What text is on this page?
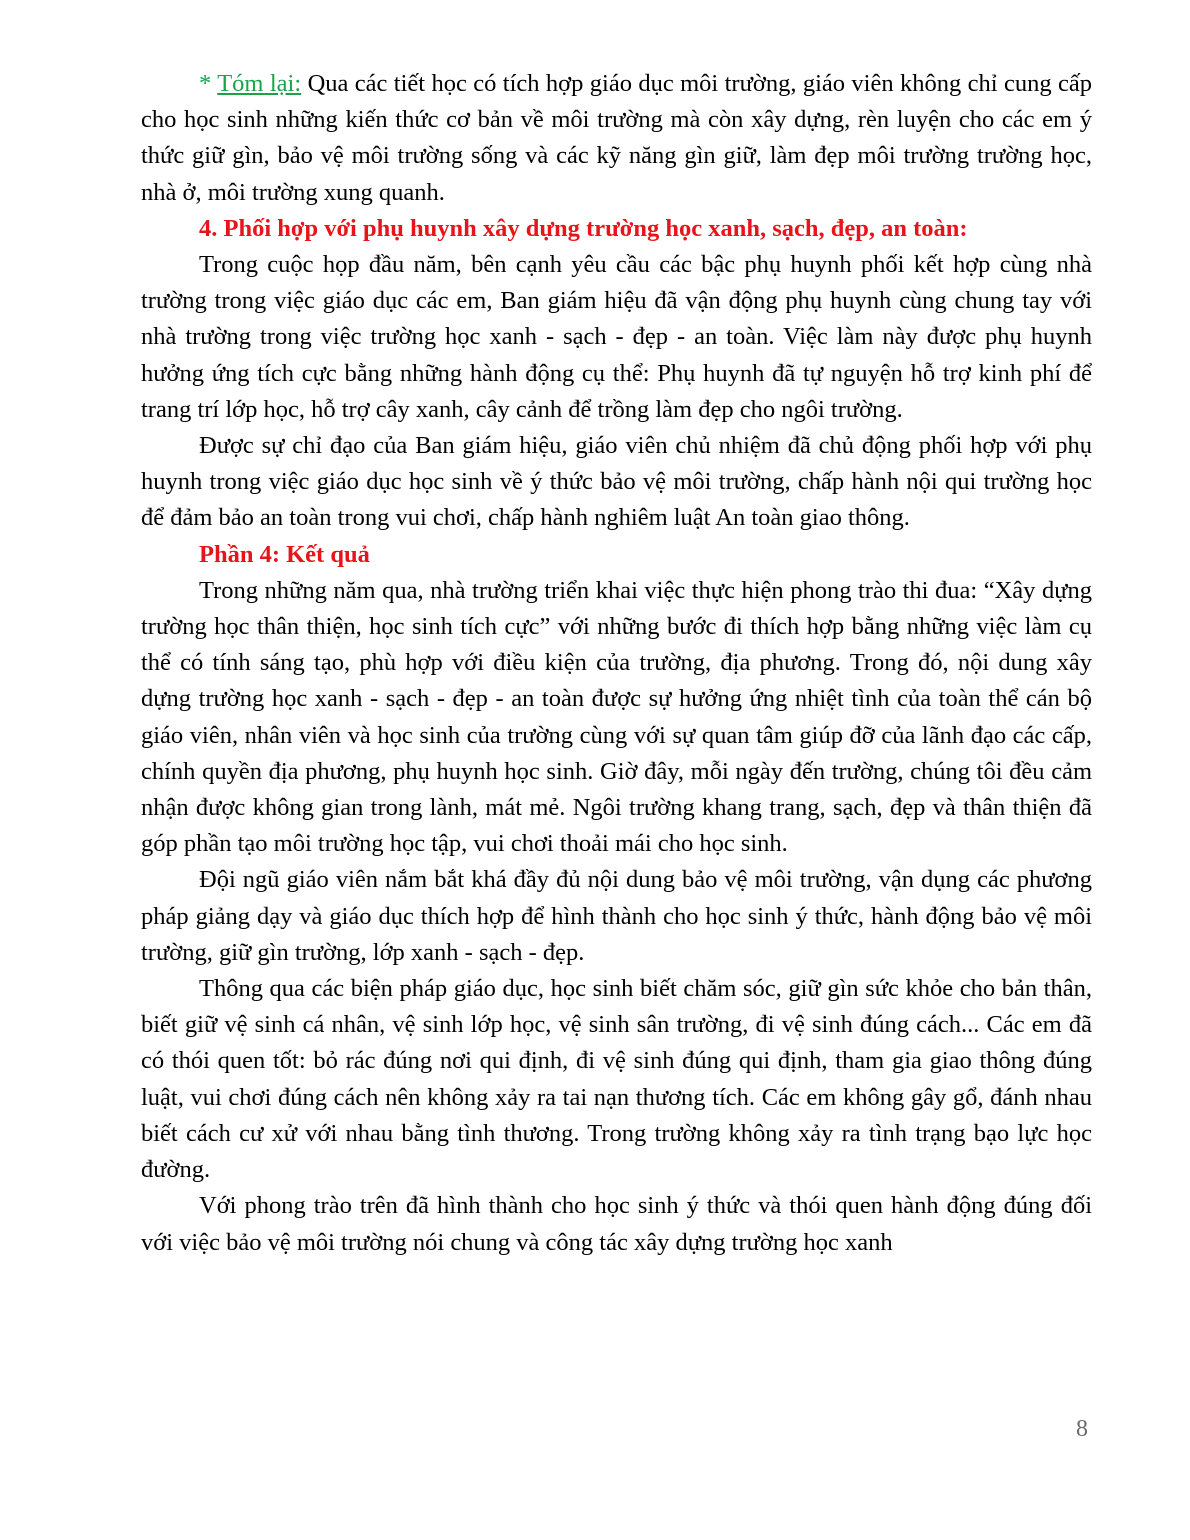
* Tóm lại: Qua các tiết học có tích hợp giáo dục môi trường, giáo viên không chỉ cung cấp cho học sinh những kiến thức cơ bản về môi trường mà còn xây dựng, rèn luyện cho các em ý thức giữ gìn, bảo vệ môi trường sống và các kỹ năng gìn giữ, làm đẹp môi trường trường học, nhà ở, môi trường xung quanh.

4. Phối hợp với phụ huynh xây dựng trường học xanh, sạch, đẹp, an toàn:

Trong cuộc họp đầu năm, bên cạnh yêu cầu các bậc phụ huynh phối kết hợp cùng nhà trường trong việc giáo dục các em, Ban giám hiệu đã vận động phụ huynh cùng chung tay với nhà trường trong việc trường học xanh - sạch - đẹp - an toàn. Việc làm này được phụ huynh hưởng ứng tích cực bằng những hành động cụ thể: Phụ huynh đã tự nguyện hỗ trợ kinh phí để trang trí lớp học, hỗ trợ cây xanh, cây cảnh để trồng làm đẹp cho ngôi trường.

Được sự chỉ đạo của Ban giám hiệu, giáo viên chủ nhiệm đã chủ động phối hợp với phụ huynh trong việc giáo dục học sinh về ý thức bảo vệ môi trường, chấp hành nội qui trường học để đảm bảo an toàn trong vui chơi, chấp hành nghiêm luật An toàn giao thông.

Phần 4: Kết quả

Trong những năm qua, nhà trường triển khai việc thực hiện phong trào thi đua: “Xây dựng trường học thân thiện, học sinh tích cực” với những bước đi thích hợp bằng những việc làm cụ thể có tính sáng tạo, phù hợp với điều kiện của trường, địa phương. Trong đó, nội dung xây dựng trường học xanh - sạch - đẹp - an toàn được sự hưởng ứng nhiệt tình của toàn thể cán bộ giáo viên, nhân viên và học sinh của trường cùng với sự quan tâm giúp đỡ của lãnh đạo các cấp, chính quyền địa phương, phụ huynh học sinh. Giờ đây, mỗi ngày đến trường, chúng tôi đều cảm nhận được không gian trong lành, mát mẻ. Ngôi trường khang trang, sạch, đẹp và thân thiện đã góp phần tạo môi trường học tập, vui chơi thoải mái cho học sinh.

Đội ngũ giáo viên nắm bắt khá đầy đủ nội dung bảo vệ môi trường, vận dụng các phương pháp giảng dạy và giáo dục thích hợp để hình thành cho học sinh ý thức, hành động bảo vệ môi trường, giữ gìn trường, lớp xanh - sạch - đẹp.

Thông qua các biện pháp giáo dục, học sinh biết chăm sóc, giữ gìn sức khỏe cho bản thân, biết giữ vệ sinh cá nhân, vệ sinh lớp học, vệ sinh sân trường, đi vệ sinh đúng cách... Các em đã có thói quen tốt: bỏ rác đúng nơi qui định, đi vệ sinh đúng qui định, tham gia giao thông đúng luật, vui chơi đúng cách nên không xảy ra tai nạn thương tích. Các em không gây gổ, đánh nhau biết cách cư xử với nhau bằng tình thương. Trong trường không xảy ra tình trạng bạo lực học đường.

Với phong trào trên đã hình thành cho học sinh ý thức và thói quen hành động đúng đối với việc bảo vệ môi trường nói chung và công tác xây dựng trường học xanh

8
